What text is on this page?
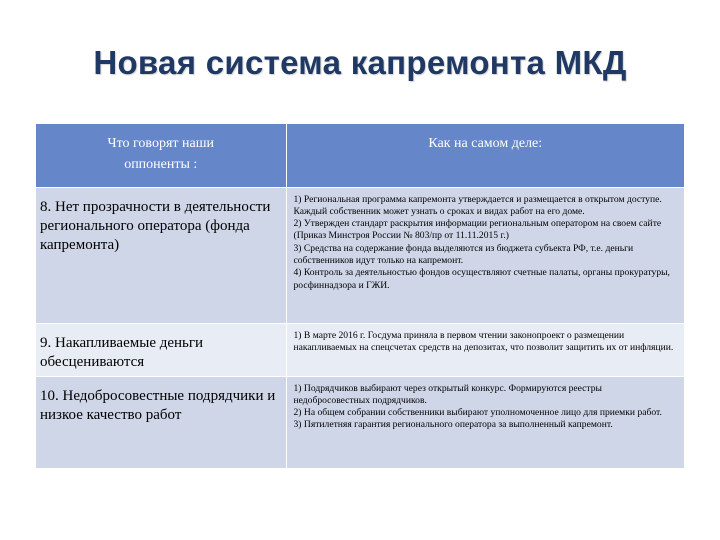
Новая система капремонта МКД
Что говорят наши
оппоненты :	Как на самом деле:

8. Нет прозрачности в деятельности регионального оператора (фонда капремонта)	1) Региональная программа капремонта утверждается и размещается в открытом доступе. Каждый собственник может узнать о сроках и видах работ на его доме.
2) Утвержден стандарт раскрытия информации региональным оператором на своем сайте (Приказ Минстроя России № 803/пр от 11.11.2015 г.)
3) Средства на содержание фонда выделяются из бюджета субъекта РФ, т.е. деньги собственников идут только на капремонт.
4) Контроль за деятельностью фондов осуществляют счетные палаты, органы прокуратуры, росфиннадзора и ГЖИ.

9. Накапливаемые деньги обесцениваются	1) В марте 2016 г. Госдума приняла в первом чтении законопроект о размещении накапливаемых на спецсчетах средств на депозитах, что позволит защитить их от инфляции.

10. Недобросовестные подрядчики и низкое качество работ	1) Подрядчиков выбирают через открытый конкурс. Формируются реестры недобросовестных подрядчиков.
2) На общем собрании собственники выбирают уполномоченное лицо для приемки работ.
3) Пятилетняя гарантия регионального оператора за выполненный капремонт.
